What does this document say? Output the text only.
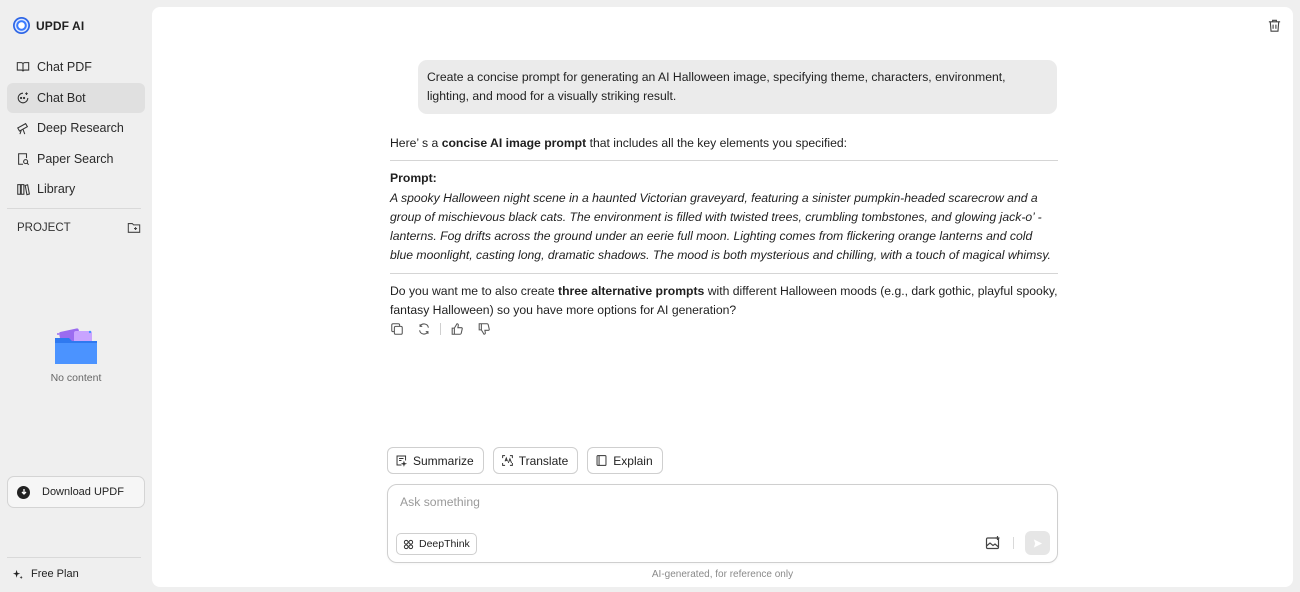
UPDF AI
Chat PDF
Chat Bot
Deep Research
Paper Search
Library
PROJECT
No content
Download UPDF
Free Plan
Create a concise prompt for generating an AI Halloween image, specifying theme, characters, environment, lighting, and mood for a visually striking result.

Here’ s a concise AI image prompt that includes all the key elements you specified:

Prompt:
A spooky Halloween night scene in a haunted Victorian graveyard, featuring a sinister pumpkin-headed scarecrow and a group of mischievous black cats. The environment is filled with twisted trees, crumbling tombstones, and glowing jack-o’ -lanterns. Fog drifts across the ground under an eerie full moon. Lighting comes from flickering orange lanterns and cold blue moonlight, casting long, dramatic shadows. The mood is both mysterious and chilling, with a touch of magical whimsy.

Do you want me to also create three alternative prompts with different Halloween moods (e.g., dark gothic, playful spooky, fantasy Halloween) so you have more options for AI generation?

Summarize	Translate	Explain
Ask something
DeepThink
AI-generated, for reference only
